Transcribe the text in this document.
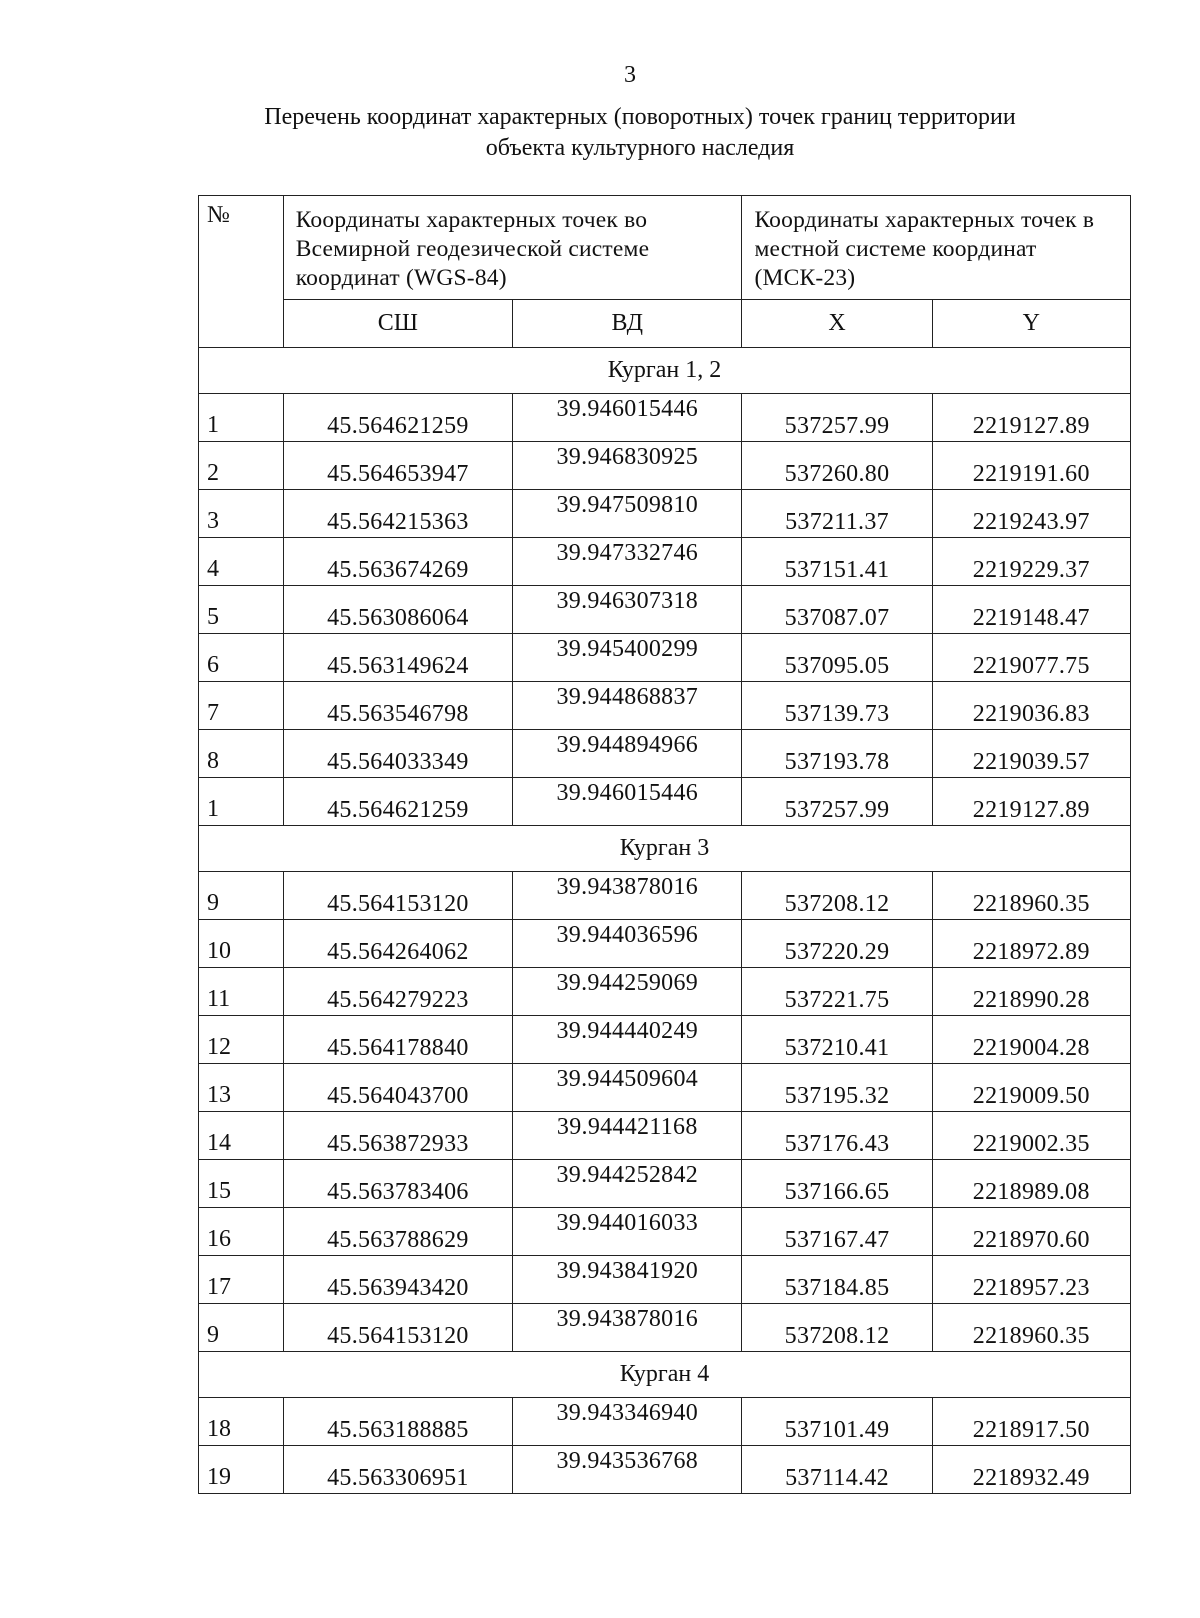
3
Перечень координат характерных (поворотных) точек границ территории
объекта культурного наследия
№	Координаты характерных точек во Всемирной геодезической системе координат (WGS-84)		Координаты характерных точек в местной системе координат (МСК-23)	
	СШ	ВД	X	Y
Курган 1, 2				
1	45.564621259	39.946015446	537257.99	2219127.89
2	45.564653947	39.946830925	537260.80	2219191.60
3	45.564215363	39.947509810	537211.37	2219243.97
4	45.563674269	39.947332746	537151.41	2219229.37
5	45.563086064	39.946307318	537087.07	2219148.47
6	45.563149624	39.945400299	537095.05	2219077.75
7	45.563546798	39.944868837	537139.73	2219036.83
8	45.564033349	39.944894966	537193.78	2219039.57
1	45.564621259	39.946015446	537257.99	2219127.89
Курган 3				
9	45.564153120	39.943878016	537208.12	2218960.35
10	45.564264062	39.944036596	537220.29	2218972.89
11	45.564279223	39.944259069	537221.75	2218990.28
12	45.564178840	39.944440249	537210.41	2219004.28
13	45.564043700	39.944509604	537195.32	2219009.50
14	45.563872933	39.944421168	537176.43	2219002.35
15	45.563783406	39.944252842	537166.65	2218989.08
16	45.563788629	39.944016033	537167.47	2218970.60
17	45.563943420	39.943841920	537184.85	2218957.23
9	45.564153120	39.943878016	537208.12	2218960.35
Курган 4				
18	45.563188885	39.943346940	537101.49	2218917.50
19	45.563306951	39.943536768	537114.42	2218932.49
